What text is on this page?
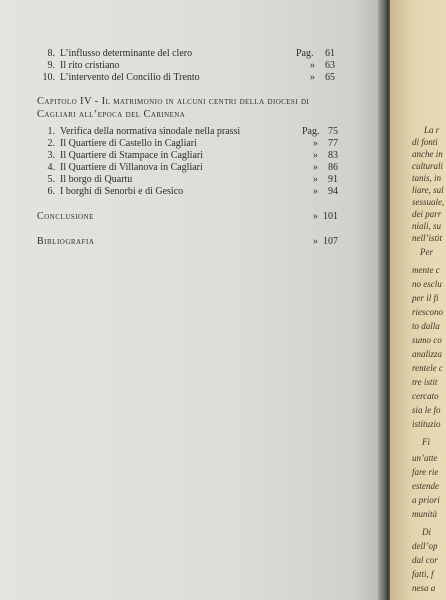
8. L’influsso determinante del clero	Pag. 61
9. Il rito cristiano	» 63
10. L’intervento del Concilio di Trento	» 65
Capitolo IV - Il matrimonio in alcuni centri della diocesi di Cagliari all’epoca del Carinena
1. Verifica della normativa sinodale nella prassi	Pag. 75
2. Il Quartiere di Castello in Cagliari	» 77
3. Il Quartiere di Stampace in Cagliari	» 83
4. Il Quartiere di Villanova in Cagliari	» 86
5. Il borgo di Quartu	» 91
6. I borghi di Senorbi e di Gesico	» 94
Conclusione	» 101
Bibliografia	» 107
La r
di fonti
anche in
culturali
tanis, in
liare, sul
sessuale,
dei parr
niali, su
nell’istit
Per
mente c
no esclu
per il fi
riescono
to dalla
sumo co
analizza
rentele c
tre istit
cercato
sia le fo
istituzio
Fi
un’atte
fare rie
estende
a priori
munità
Di
dell’op
dal cor
fatti, f
nesa a
